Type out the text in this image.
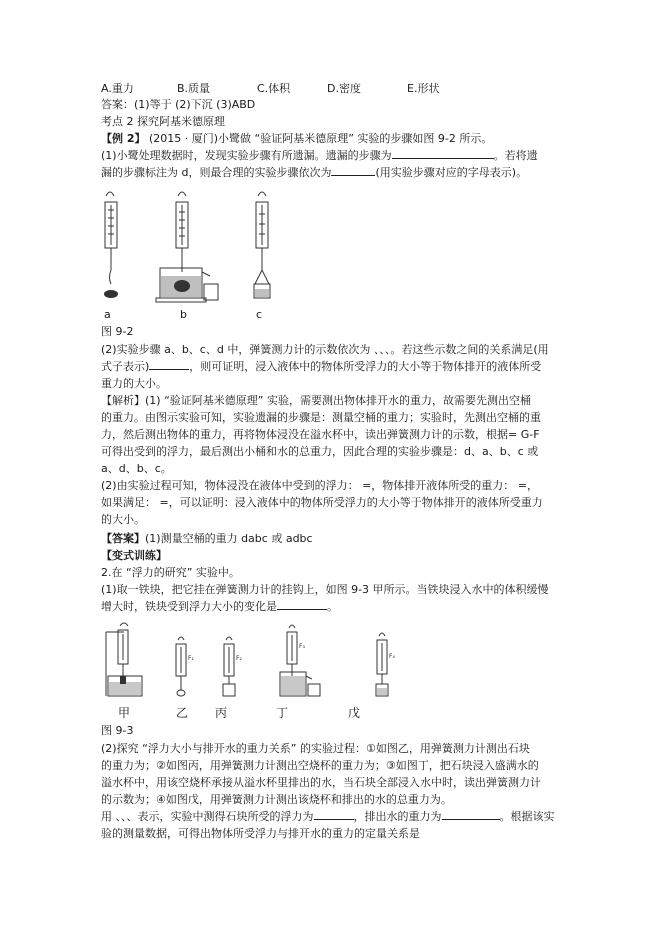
A.重力	B.质量	C.体积	D.密度	E.形状
答案：(1)等于 (2)下沉 (3)ABD
考点 2 探究阿基米德原理
【例 2】 (2015 · 厦门)小鹭做 “验证阿基米德原理” 实验的步骤如图 9-2 所示。
(1)小鹭处理数据时，发现实验步骤有所遗漏。遗漏的步骤为	。若将遗
漏的步骤标注为 d，则最合理的实验步骤依次为	(用实验步骤对应的字母表示)。
a	b	c
图 9-2
(2)实验步骤 a、b、c、d 中，弹簧测力计的示数依次为 、、、。若这些示数之间的关系满足(用
式子表示)	，则可证明，浸入液体中的物体所受浮力的大小等于物体排开的液体所受
重力的大小。
【解析】(1) “验证阿基米德原理” 实验，需要测出物体排开水的重力，故需要先测出空桶
的重力。由图示实验可知，实验遗漏的步骤是：测量空桶的重力；实验时，先测出空桶的重
力，然后测出物体的重力，再将物体浸没在溢水杯中，读出弹簧测力计的示数，根据= G-F
可得出受到的浮力，最后测出小桶和水的总重力，因此合理的实验步骤是：d、a、b、c 或
a、d、b、c。
(2)由实验过程可知，物体浸没在液体中受到的浮力： =，物体排开液体所受的重力： =，
如果满足： =，可以证明：浸入液体中的物体所受浮力的大小等于物体排开的液体所受重力
的大小。
【答案】(1)测量空桶的重力 dabc 或 adbc
【变式训练】
2.在 “浮力的研究” 实验中。
(1)取一铁块，把它挂在弹簧测力计的挂钩上，如图 9-3 甲所示。当铁块浸入水中的体积缓慢
增大时，铁块受到浮力大小的变化是	。
F₁	F₂
F₃
F₄
甲	乙 丙	丁	戊
图 9-3
(2)探究 “浮力大小与排开水的重力关系” 的实验过程：①如图乙，用弹簧测力计测出石块
的重力为；②如图丙，用弹簧测力计测出空烧杯的重力为；③如图丁，把石块浸入盛满水的
溢水杯中，用该空烧杯承接从溢水杯里排出的水，当石块全部浸入水中时，读出弹簧测力计
的示数为；④如图戊，用弹簧测力计测出该烧杯和排出的水的总重力为。
用 、、、表示，实验中测得石块所受的浮力为	，排出水的重力为	。根据该实
验的测量数据，可得出物体所受浮力与排开水的重力的定量关系是
